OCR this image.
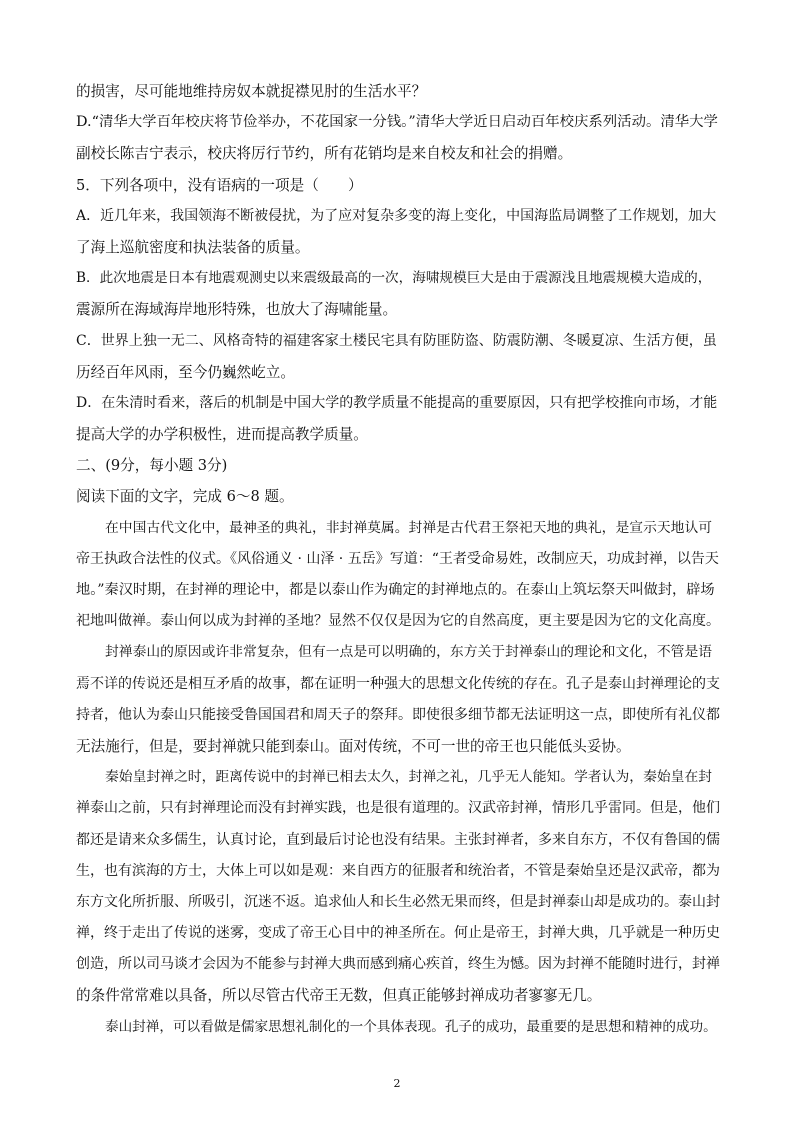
的损害，尽可能地维持房奴本就捉襟见肘的生活水平？
D.“清华大学百年校庆将节俭举办，不花国家一分钱。”清华大学近日启动百年校庆系列活动。清华大学
副校长陈吉宁表示，校庆将厉行节约，所有花销均是来自校友和社会的捐赠。
5．下列各项中，没有语病的一项是（　　）
A．近几年来，我国领海不断被侵扰，为了应对复杂多变的海上变化，中国海监局调整了工作规划，加大
了海上巡航密度和执法装备的质量。
B．此次地震是日本有地震观测史以来震级最高的一次，海啸规模巨大是由于震源浅且地震规模大造成的，
震源所在海域海岸地形特殊，也放大了海啸能量。
C．世界上独一无二、风格奇特的福建客家土楼民宅具有防匪防盗、防震防潮、冬暖夏凉、生活方便，虽
历经百年风雨，至今仍巍然屹立。
D．在朱清时看来，落后的机制是中国大学的教学质量不能提高的重要原因，只有把学校推向市场，才能
提高大学的办学积极性，进而提高教学质量。
二、(9分，每小题 3分)
阅读下面的文字，完成 6～8 题。
在中国古代文化中，最神圣的典礼，非封禅莫属。封禅是古代君王祭祀天地的典礼，是宣示天地认可
帝王执政合法性的仪式。《风俗通义 · 山泽 · 五岳》写道：“王者受命易姓，改制应天，功成封禅，以告天
地。”秦汉时期，在封禅的理论中，都是以泰山作为确定的封禅地点的。在泰山上筑坛祭天叫做封，辟场
祀地叫做禅。泰山何以成为封禅的圣地？显然不仅仅是因为它的自然高度，更主要是因为它的文化高度。
封禅泰山的原因或许非常复杂，但有一点是可以明确的，东方关于封禅泰山的理论和文化，不管是语
焉不详的传说还是相互矛盾的故事，都在证明一种强大的思想文化传统的存在。孔子是泰山封禅理论的支
持者，他认为泰山只能接受鲁国国君和周天子的祭拜。即使很多细节都无法证明这一点，即使所有礼仪都
无法施行，但是，要封禅就只能到泰山。面对传统，不可一世的帝王也只能低头妥协。
秦始皇封禅之时，距离传说中的封禅已相去太久，封禅之礼，几乎无人能知。学者认为，秦始皇在封
禅泰山之前，只有封禅理论而没有封禅实践，也是很有道理的。汉武帝封禅，情形几乎雷同。但是，他们
都还是请来众多儒生，认真讨论，直到最后讨论也没有结果。主张封禅者，多来自东方，不仅有鲁国的儒
生，也有滨海的方士，大体上可以如是观：来自西方的征服者和统治者，不管是秦始皇还是汉武帝，都为
东方文化所折服、所吸引，沉迷不返。追求仙人和长生必然无果而终，但是封禅泰山却是成功的。泰山封
禅，终于走出了传说的迷雾，变成了帝王心目中的神圣所在。何止是帝王，封禅大典，几乎就是一种历史
创造，所以司马谈才会因为不能参与封禅大典而感到痛心疾首，终生为憾。因为封禅不能随时进行，封禅
的条件常常难以具备，所以尽管古代帝王无数，但真正能够封禅成功者寥寥无几。
泰山封禅，可以看做是儒家思想礼制化的一个具体表现。孔子的成功，最重要的是思想和精神的成功。
2
